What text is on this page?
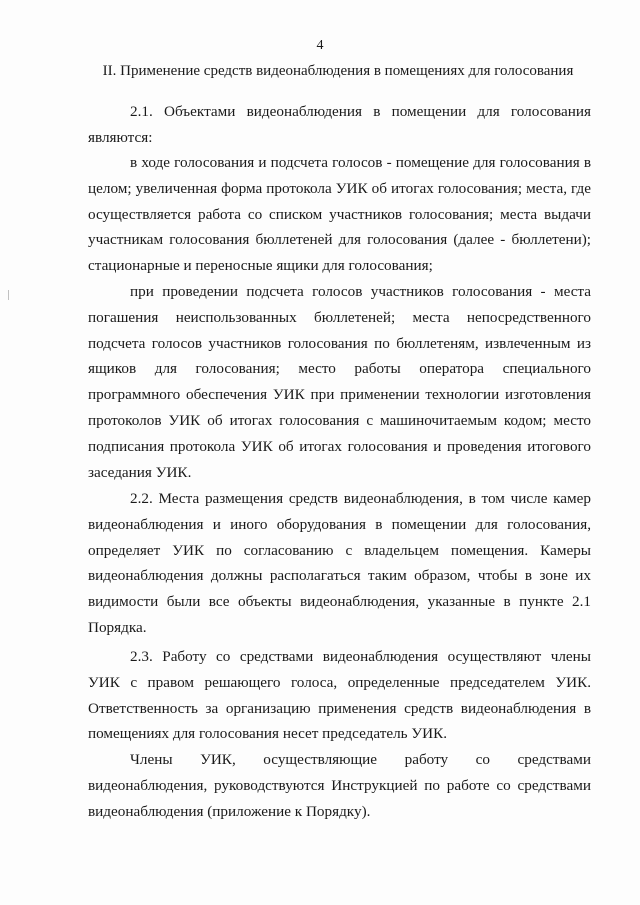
4
II. Применение средств видеонаблюдения в помещениях для голосования

2.1. Объектами видеонаблюдения в помещении для голосования являются:

в ходе голосования и подсчета голосов - помещение для голосования в целом; увеличенная форма протокола УИК об итогах голосования; места, где осуществляется работа со списком участников голосования; места выдачи участникам голосования бюллетеней для голосования (далее - бюллетени); стационарные и переносные ящики для голосования;

при проведении подсчета голосов участников голосования - места погашения неиспользованных бюллетеней; места непосредственного подсчета голосов участников голосования по бюллетеням, извлеченным из ящиков для голосования; место работы оператора специального программного обеспечения УИК при применении технологии изготовления протоколов УИК об итогах голосования с машиночитаемым кодом; место подписания протокола УИК об итогах голосования и проведения итогового заседания УИК.

2.2. Места размещения средств видеонаблюдения, в том числе камер видеонаблюдения и иного оборудования в помещении для голосования, определяет УИК по согласованию с владельцем помещения. Камеры видеонаблюдения должны располагаться таким образом, чтобы в зоне их видимости были все объекты видеонаблюдения, указанные в пункте 2.1 Порядка.

2.3. Работу со средствами видеонаблюдения осуществляют члены УИК с правом решающего голоса, определенные председателем УИК. Ответственность за организацию применения средств видеонаблюдения в помещениях для голосования несет председатель УИК.

Члены УИК, осуществляющие работу со средствами видеонаблюдения, руководствуются Инструкцией по работе со средствами видеонаблюдения (приложение к Порядку).
